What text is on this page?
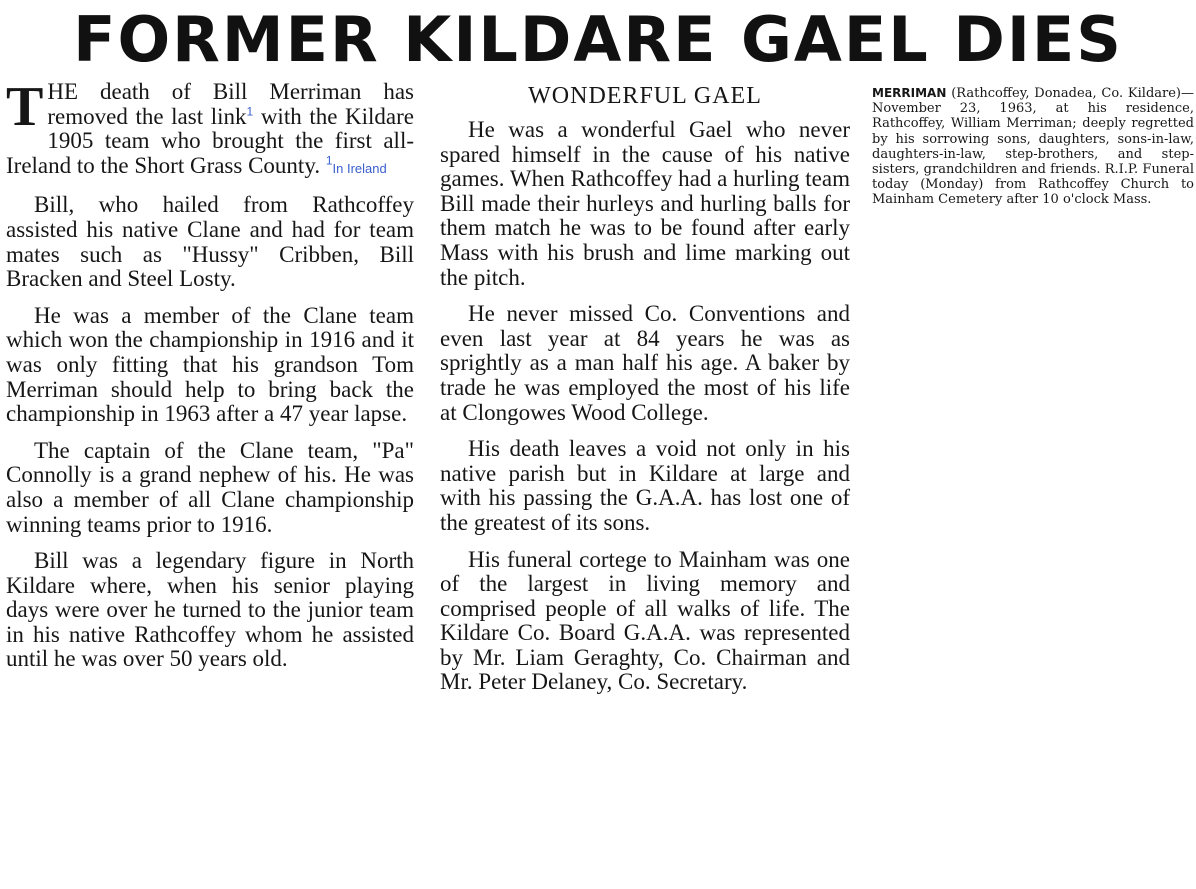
FORMER KILDARE GAEL DIES

T HE death of Bill Merriman has removed the last link$^1$ with the Kildare 1905 team who brought the first all-Ireland to the Short Grass County. $^1$In Ireland

Bill, who hailed from Rathcoffey assisted his native Clane and had for team mates such as "Hussy" Cribben, Bill Bracken and Steel Losty.

He was a member of the Clane team which won the championship in 1916 and it was only fitting that his grandson Tom Merriman should help to bring back the championship in 1963 after a 47 year lapse.

The captain of the Clane team, "Pa" Connolly is a grand nephew of his. He was also a member of all Clane championship winning teams prior to 1916.

Bill was a legendary figure in North Kildare where, when his senior playing days were over he turned to the junior team in his native Rathcoffey whom he assisted until he was over 50 years old.

WONDERFUL GAEL

He was a wonderful Gael who never spared himself in the cause of his native games. When Rathcoffey had a hurling team Bill made their hurleys and hurling balls for them match he was to be found after early Mass with his brush and lime marking out the pitch.

He never missed Co. Conventions and even last year at 84 years he was as sprightly as a man half his age. A baker by trade he was employed the most of his life at Clongowes Wood College.

His death leaves a void not only in his native parish but in Kildare at large and with his passing the G.A.A. has lost one of the greatest of its sons.

His funeral cortege to Mainham was one of the largest in living memory and comprised people of all walks of life. The Kildare Co. Board G.A.A. was represented by Mr. Liam Geraghty, Co. Chairman and Mr. Peter Delaney, Co. Secretary.

MERRIMAN (Rathcoffey, Donadea, Co. Kildare)—November 23, 1963, at his residence, Rathcoffey, William Merriman; deeply regretted by his sorrowing sons, daughters, sons-in-law, daughters-in-law, step-brothers, and step-sisters, grandchildren and friends. R.I.P. Funeral today (Monday) from Rathcoffey Church to Mainham Cemetery after 10 o'clock Mass.
